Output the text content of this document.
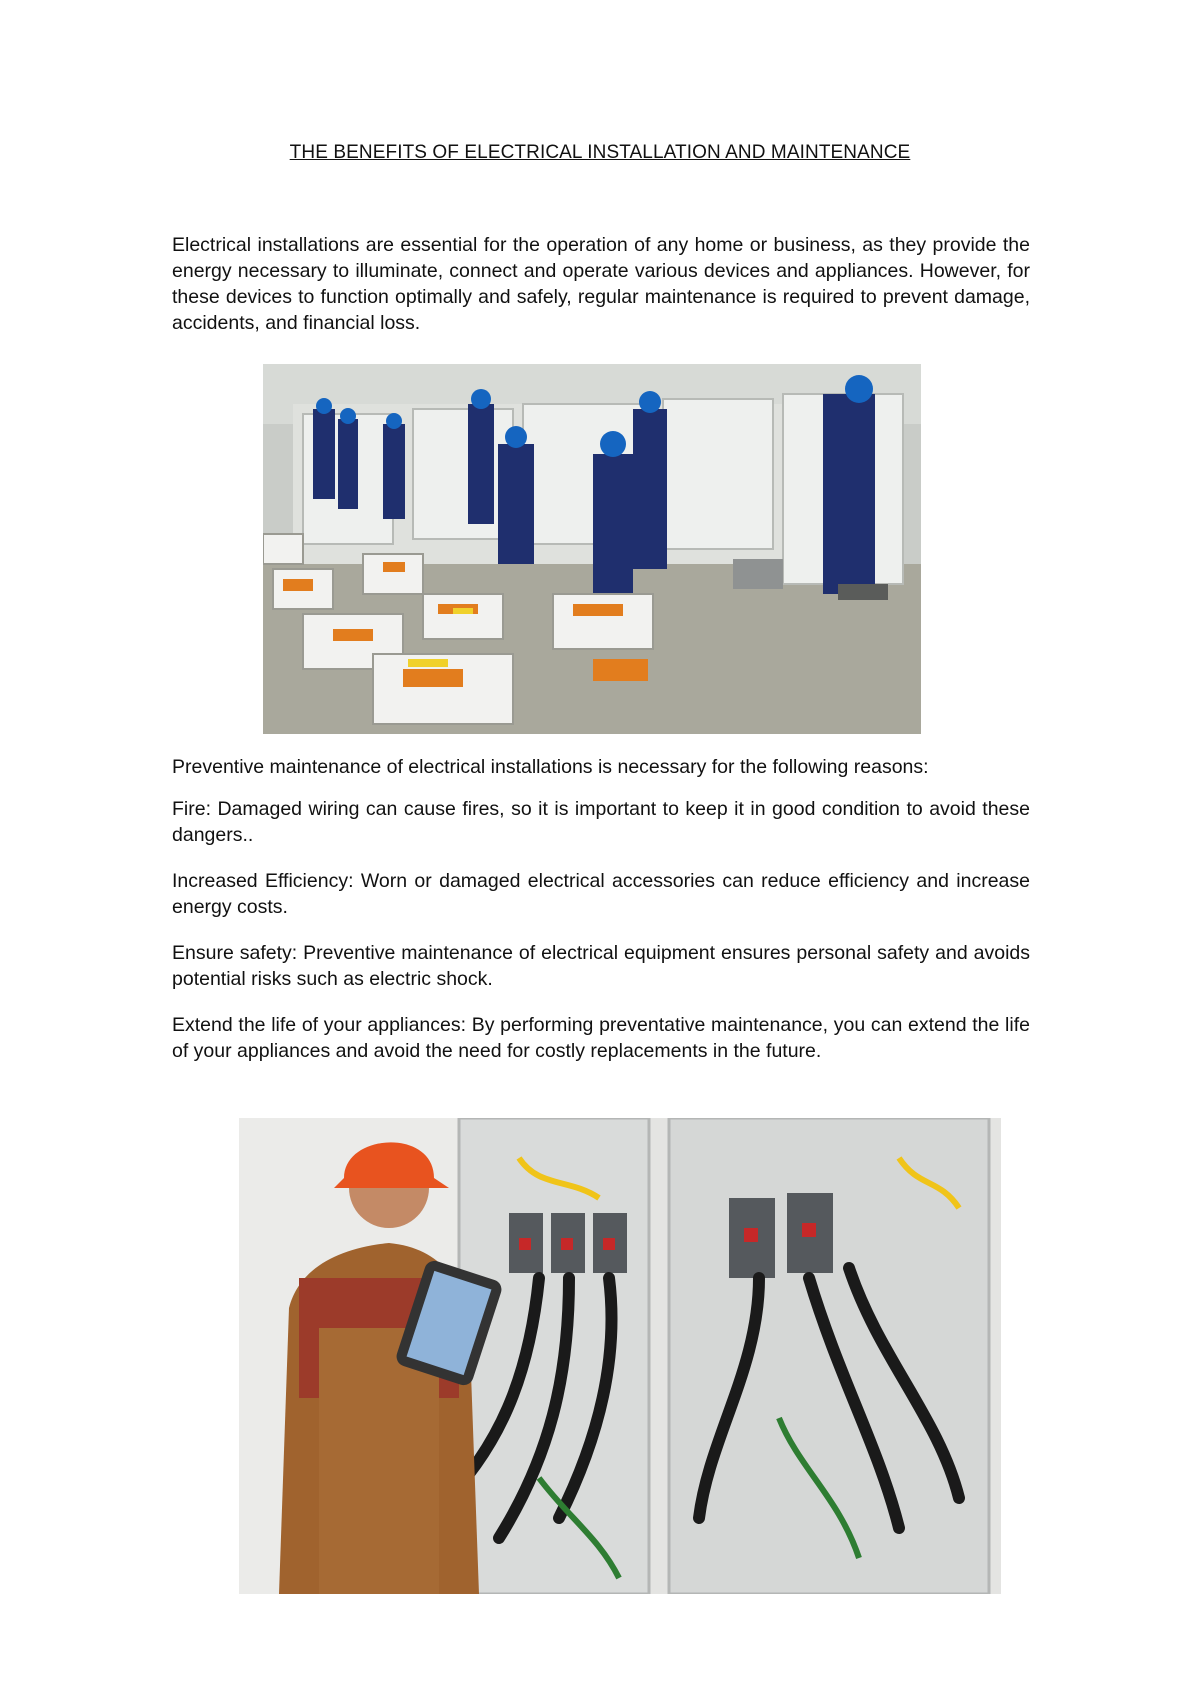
THE BENEFITS OF ELECTRICAL INSTALLATION AND MAINTENANCE

Electrical installations are essential for the operation of any home or business, as they provide the energy necessary to illuminate, connect and operate various devices and appliances. However, for these devices to function optimally and safely, regular maintenance is required to prevent damage, accidents, and financial loss.

Preventive maintenance of electrical installations is necessary for the following reasons:

Fire: Damaged wiring can cause fires, so it is important to keep it in good condition to avoid these dangers..

Increased Efficiency: Worn or damaged electrical accessories can reduce efficiency and increase energy costs.

Ensure safety: Preventive maintenance of electrical equipment ensures personal safety and avoids potential risks such as electric shock.

Extend the life of your appliances: By performing preventative maintenance, you can extend the life of your appliances and avoid the need for costly replacements in the future.
